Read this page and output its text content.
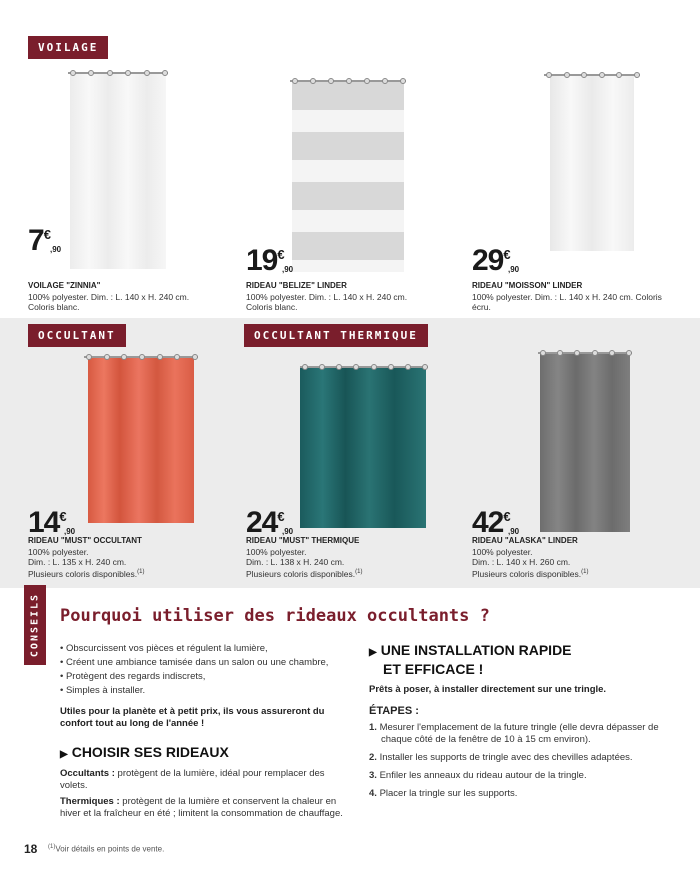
VOILAGE
OCCULTANT	OCCULTANT THERMIQUE
7€
,90
VOILAGE "ZINNIA"
100% polyester. Dim. : L. 140 x H. 240 cm.
Coloris blanc.
19€
,90
RIDEAU "BELIZE" LINDER
100% polyester. Dim. : L. 140 x H. 240 cm.
Coloris blanc.
29€
,90
RIDEAU "MOISSON" LINDER
100% polyester. Dim. : L. 140 x H. 240 cm. Coloris
écru.
14€
,90
RIDEAU "MUST" OCCULTANT
100% polyester.
Dim. : L. 135 x H. 240 cm.
Plusieurs coloris disponibles.$^{(1)}$
24€
,90
RIDEAU "MUST" THERMIQUE
100% polyester.
Dim. : L. 138 x H. 240 cm.
Plusieurs coloris disponibles.$^{(1)}$
42€
,90
RIDEAU "ALASKA" LINDER
100% polyester.
Dim. : L. 140 x H. 260 cm.
Plusieurs coloris disponibles.$^{(1)}$
CONSEILS Pourquoi utiliser des rideaux occultants ?
• Obscurcissent vos pièces et régulent la lumière,
• Créent une ambiance tamisée dans un salon ou une chambre,
• Protègent des regards indiscrets,
• Simples à installer.
Utiles pour la planète et à petit prix, ils vous assureront du confort tout au long de l'année !
▶ CHOISIR SES RIDEAUX
Occultants : protègent de la lumière, idéal pour remplacer des volets.
Thermiques : protègent de la lumière et conservent la chaleur en hiver et la fraîcheur en été ; limitent la consommation de chauffage.
▶ UNE INSTALLATION RAPIDE
ET EFFICACE !
Prêts à poser, à installer directement sur une tringle.
ÉTAPES :
1. Mesurer l'emplacement de la future tringle (elle devra dépasser de chaque côté de la fenêtre de 10 à 15 cm environ).
2. Installer les supports de tringle avec des chevilles adaptées.
3. Enfiler les anneaux du rideau autour de la tringle.
4. Placer la tringle sur les supports.
18 $^{(1)}$Voir détails en points de vente.
